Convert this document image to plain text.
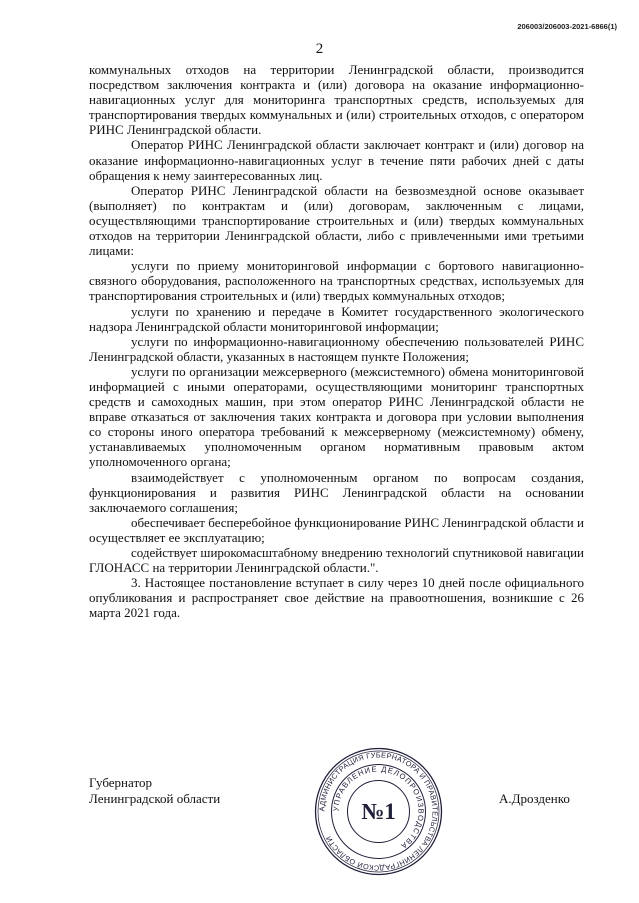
206003/206003-2021-6866(1)
2

коммунальных отходов на территории Ленинградской области, производится посредством заключения контракта и (или) договора на оказание информационно-навигационных услуг для мониторинга транспортных средств, используемых для транспортирования твердых коммунальных и (или) строительных отходов, с оператором РИНС Ленинградской области.

Оператор РИНС Ленинградской области заключает контракт и (или) договор на оказание информационно-навигационных услуг в течение пяти рабочих дней с даты обращения к нему заинтересованных лиц.

Оператор РИНС Ленинградской области на безвозмездной основе оказывает (выполняет) по контрактам и (или) договорам, заключенным с лицами, осуществляющими транспортирование строительных и (или) твердых коммунальных отходов на территории Ленинградской области, либо с привлеченными ими третьими лицами:

услуги по приему мониторинговой информации с бортового навигационно-связного оборудования, расположенного на транспортных средствах, используемых для транспортирования строительных и (или) твердых коммунальных отходов;

услуги по хранению и передаче в Комитет государственного экологического надзора Ленинградской области мониторинговой информации;

услуги по информационно-навигационному обеспечению пользователей РИНС Ленинградской области, указанных в настоящем пункте Положения;

услуги по организации межсерверного (межсистемного) обмена мониторинговой информацией с иными операторами, осуществляющими мониторинг транспортных средств и самоходных машин, при этом оператор РИНС Ленинградской области не вправе отказаться от заключения таких контракта и договора при условии выполнения со стороны иного оператора требований к межсерверному (межсистемному) обмену, устанавливаемых уполномоченным органом нормативным правовым актом уполномоченного органа;

взаимодействует с уполномоченным органом по вопросам создания, функционирования и развития РИНС Ленинградской области на основании заключаемого соглашения;

обеспечивает бесперебойное функционирование РИНС Ленинградской области и осуществляет ее эксплуатацию;

содействует широкомасштабному внедрению технологий спутниковой навигации ГЛОНАСС на территории Ленинградской области.".

3. Настоящее постановление вступает в силу через 10 дней после официального опубликования и распространяет свое действие на правоотношения, возникшие с 26 марта 2021 года.

Губернатор
Ленинградской области	А.Дрозденко
АДМИНИСТРАЦИЯ ГУБЕРНАТОРА И ПРАВИТЕЛЬСТВА ЛЕНИНГРАДСКОЙ ОБЛАСТИ
УПРАВЛЕНИЕ ДЕЛОПРОИЗВОДСТВА
№1
